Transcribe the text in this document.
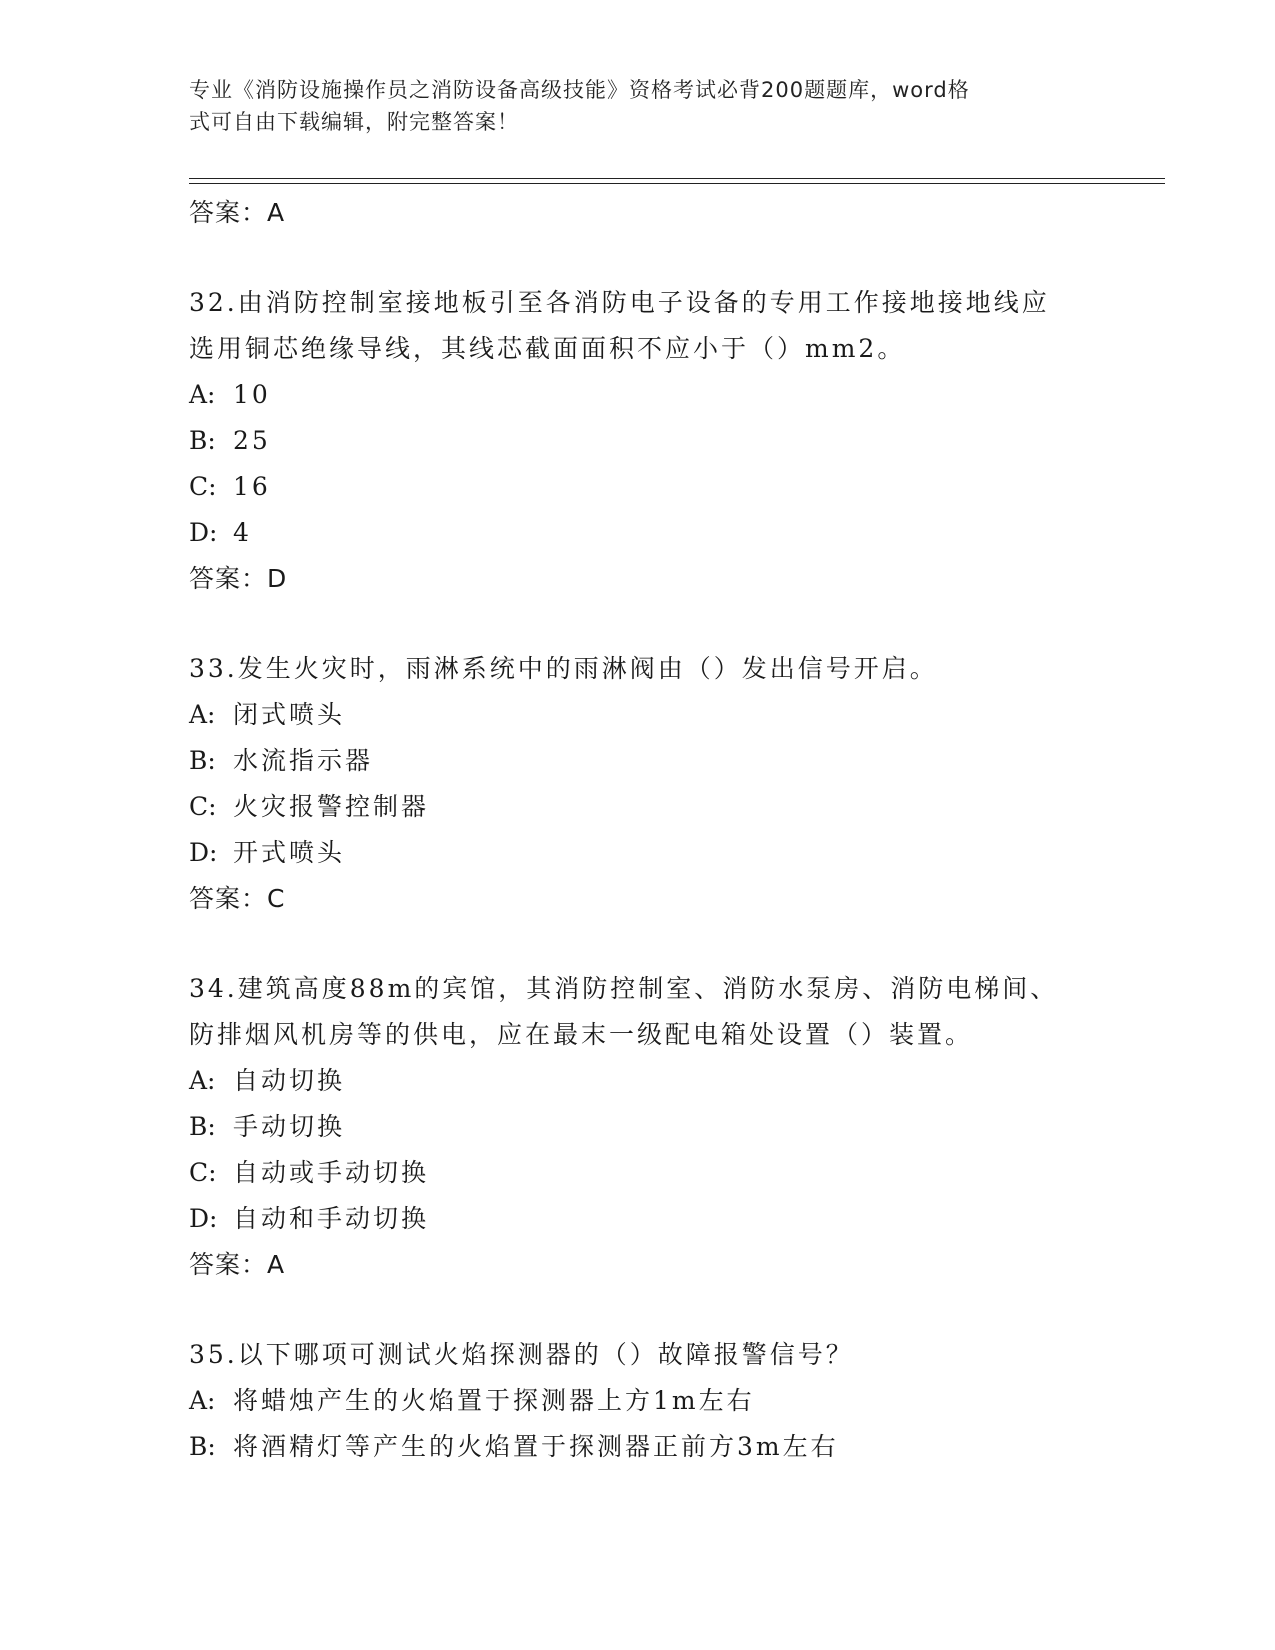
专业《消防设施操作员之消防设备高级技能》资格考试必背200题题库，word格
式可自由下载编辑，附完整答案！
答案：A
32.由消防控制室接地板引至各消防电子设备的专用工作接地接地线应
选用铜芯绝缘导线，其线芯截面面积不应小于（）mm2。
A: 10
B: 25
C: 16
D: 4
答案：D
33.发生火灾时，雨淋系统中的雨淋阀由（）发出信号开启。
A: 闭式喷头
B: 水流指示器
C: 火灾报警控制器
D: 开式喷头
答案：C
34.建筑高度88m的宾馆，其消防控制室、消防水泵房、消防电梯间、
防排烟风机房等的供电，应在最末一级配电箱处设置（）装置。
A: 自动切换
B: 手动切换
C: 自动或手动切换
D: 自动和手动切换
答案：A
35.以下哪项可测试火焰探测器的（）故障报警信号？
A: 将蜡烛产生的火焰置于探测器上方1m左右
B: 将酒精灯等产生的火焰置于探测器正前方3m左右
